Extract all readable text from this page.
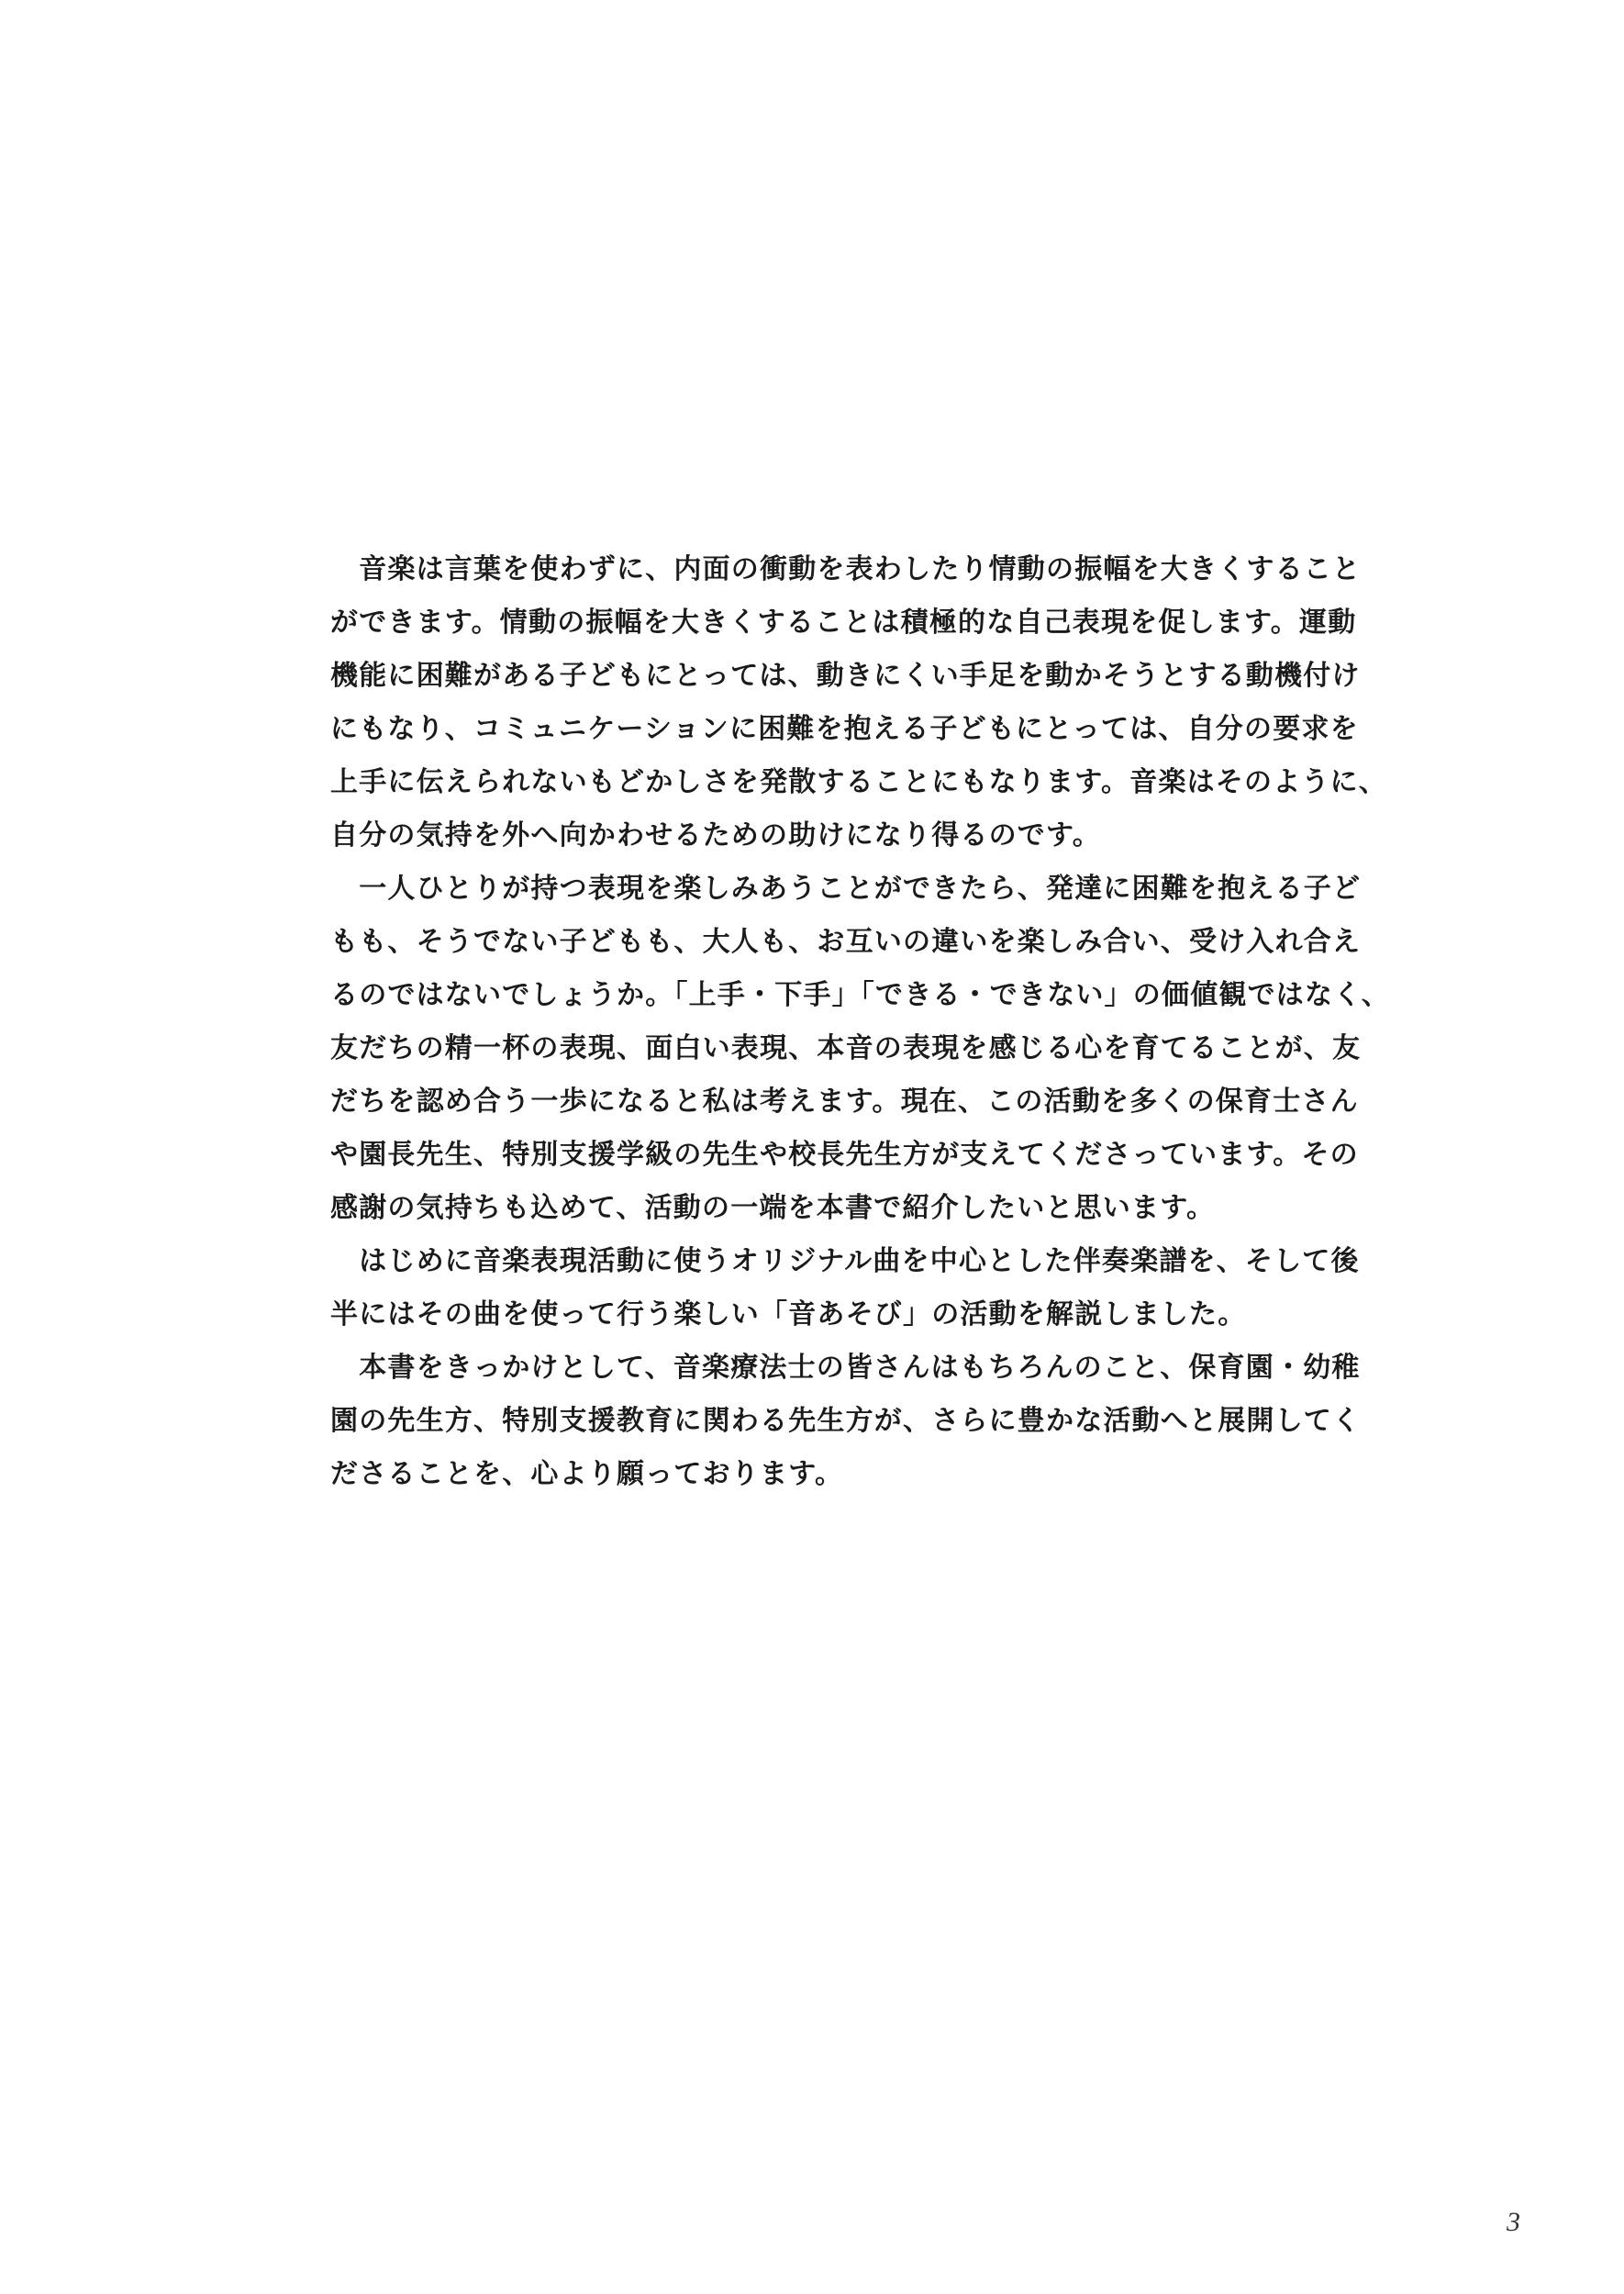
　音楽は言葉を使わずに、内面の衝動を表わしたり情動の振幅を大きくすること
ができます。情動の振幅を大きくすることは積極的な自己表現を促します。運動
機能に困難がある子どもにとっては、動きにくい手足を動かそうとする動機付け
にもなり、コミュニケーションに困難を抱える子どもにとっては、自分の要求を
上手に伝えられないもどかしさを発散することにもなります。音楽はそのように、
自分の気持を外へ向かわせるための助けになり得るのです。
　一人ひとりが持つ表現を楽しみあうことができたら、発達に困難を抱える子ど
もも、そうでない子どもも、大人も、お互いの違いを楽しみ合い、受け入れ合え
るのではないでしょうか。「上手・下手」「できる・できない」の価値観ではなく、
友だちの精一杯の表現、面白い表現、本音の表現を感じる心を育てることが、友
だちを認め合う一歩になると私は考えます。現在、この活動を多くの保育士さん
や園長先生、特別支援学級の先生や校長先生方が支えてくださっています。その
感謝の気持ちも込めて、活動の一端を本書で紹介したいと思います。
　はじめに音楽表現活動に使うオリジナル曲を中心とした伴奏楽譜を、そして後
半にはその曲を使って行う楽しい「音あそび」の活動を解説しました。
　本書をきっかけとして、音楽療法士の皆さんはもちろんのこと、保育園・幼稚
園の先生方、特別支援教育に関わる先生方が、さらに豊かな活動へと展開してく
ださることを、心より願っております。
3
